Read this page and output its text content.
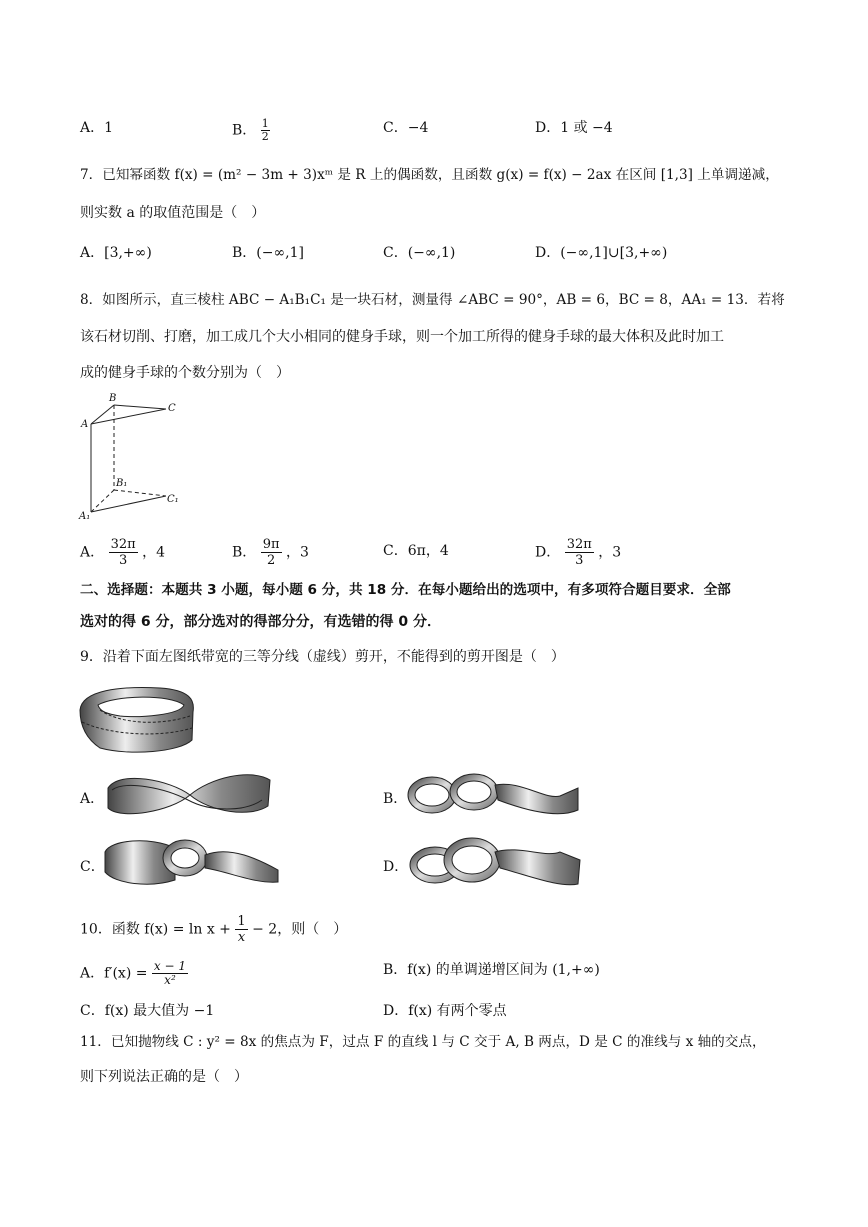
A．1	B． $\frac{1}{2}$	C．−4	D．1 或 −4
7．已知幂函数 f(x) = (m² − 3m + 3)xᵐ 是 R 上的偶函数，且函数 g(x) = f(x) − 2ax 在区间 [1,3] 上单调递减，
则实数 a 的取值范围是（　）
A．[3,+∞)	B．(−∞,1]	C．(−∞,1)	D．(−∞,1]∪[3,+∞)
8．如图所示，直三棱柱 ABC − A₁B₁C₁ 是一块石材，测量得 ∠ABC = 90°，AB = 6，BC = 8，AA₁ = 13．若将
该石材切削、打磨，加工成几个大小相同的健身手球，则一个加工所得的健身手球的最大体积及此时加工
成的健身手球的个数分别为（　）
B
C
A
B₁
C₁
A₁
A． $\frac{32\pi}{3}$ ，4	B． $\frac{9\pi}{2}$ ，3	C．6π，4	D． $\frac{32\pi}{3}$ ，3
二、选择题：本题共 3 小题，每小题 6 分，共 18 分．在每小题给出的选项中，有多项符合题目要求．全部
选对的得 6 分，部分选对的得部分分，有选错的得 0 分．
9．沿着下面左图纸带宽的三等分线（虚线）剪开，不能得到的剪开图是（　）
A．	B．
C．	D．
10．函数 $f(x) = \ln x + \frac{1}{x} - 2$，则（　）
A．$f'(x) = \frac{x - 1}{\text{x²}}$	B．f(x) 的单调递增区间为 (1,+∞)
C．f(x) 最大值为 −1	D．f(x) 有两个零点
11．已知抛物线 C : y² = 8x 的焦点为 F，过点 F 的直线 l 与 C 交于 A, B 两点，D 是 C 的准线与 x 轴的交点，
则下列说法正确的是（　）
